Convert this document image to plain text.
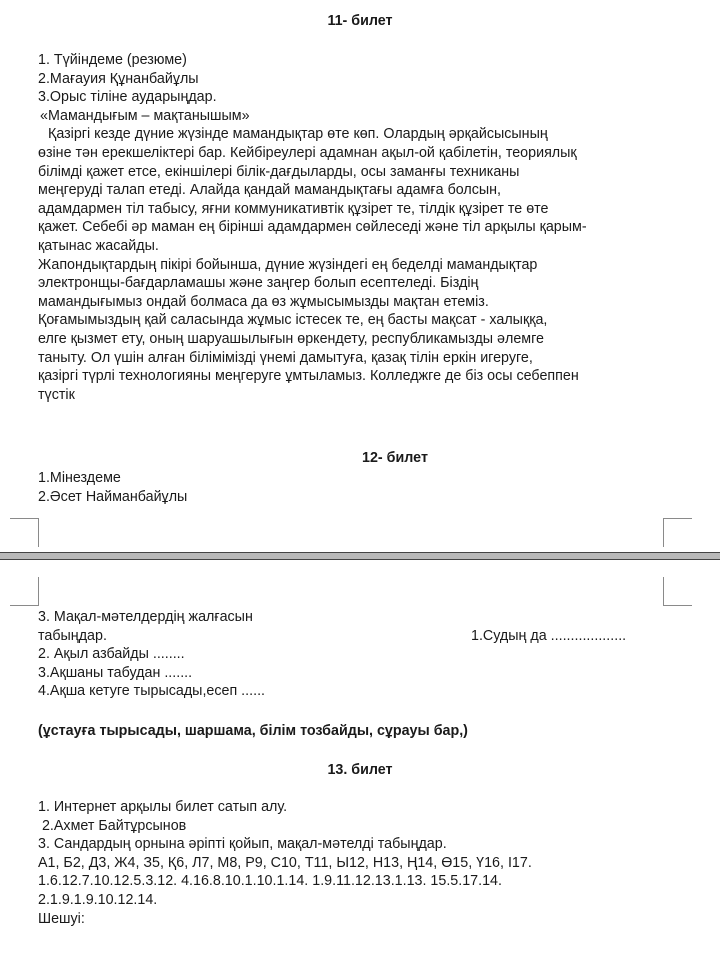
11- билет
1. Түйіндеме (резюме)
2.Мағауия Құнанбайұлы
3.Орыс тіліне аударыңдар.
«Мамандығым – мақтанышым»
Қазіргі кезде дүние жүзінде мамандықтар өте көп. Олардың әрқайсысының
өзіне тән ерекшеліктері бар. Кейбіреулері адамнан ақыл-ой қабілетін, теориялық
білімді қажет етсе, екіншілері білік-дағдыларды, осы заманғы техниканы
меңгеруді талап етеді. Алайда қандай мамандықтағы адамға болсын,
адамдармен тіл табысу, яғни коммуникативтік құзірет те, тілдік құзірет те өте
қажет. Себебі әр маман ең бірінші адамдармен сөйлеседі және тіл арқылы қарым-
қатынас жасайды.
Жапондықтардың пікірі бойынша, дүние жүзіндегі ең беделді мамандықтар
электронщы-бағдарламашы және заңгер болып есептеледі. Біздің
мамандығымыз ондай болмаса да өз жұмысымызды мақтан етеміз.
Қоғамымыздың қай саласында жұмыс істесек те, ең басты мақсат - халыққа,
елге қызмет ету, оның шаруашылығын өркендету, республикамызды әлемге
таныту. Ол үшін алған білімімізді үнемі дамытуға, қазақ тілін еркін игеруге,
қазіргі түрлі технологияны меңгеруге ұмтыламыз. Колледжге де біз осы себеппен
түстік
12- билет
1.Мінездеме
2.Әсет Найманбайұлы
3. Мақал-мәтелдердің жалғасын
табыңдар.	1.Судың да ...................
2. Ақыл азбайды ........
3.Ақшаны табудан .......
4.Ақша кетуге тырысады,есеп ......
(ұстауға тырысады, шаршама, білім тозбайды, сұрауы бар,)
13. билет
1. Интернет арқылы билет сатып алу.
2.Ахмет Байтұрсынов
3. Сандардың орнына әріпті қойып, мақал-мәтелді табыңдар.
А1, Б2, Д3, Ж4, З5, Қ6, Л7, М8, Р9, С10, Т11, Ы12, Н13, Ң14, Ө15, Ү16, І17.
1.6.12.7.10.12.5.3.12. 4.16.8.10.1.10.1.14. 1.9.11.12.13.1.13. 15.5.17.14.
2.1.9.1.9.10.12.14.
Шешуі:
